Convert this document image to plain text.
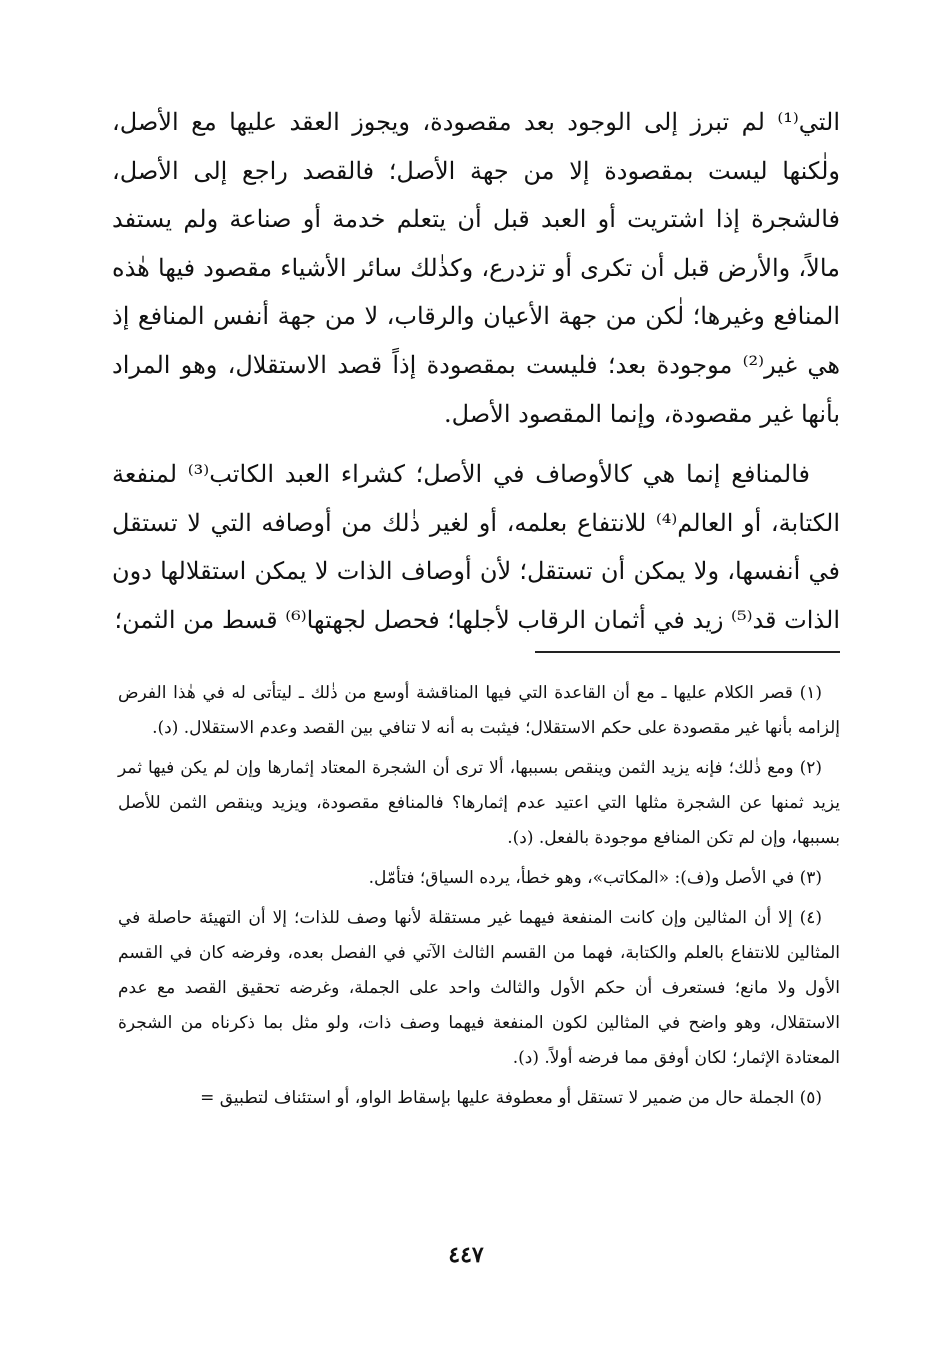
التي⁽¹⁾ لم تبرز إلى الوجود بعد مقصودة، ويجوز العقد عليها مع الأصل، ولٰكنها ليست بمقصودة إلا من جهة الأصل؛ فالقصد راجع إلى الأصل، فالشجرة إذا اشتريت أو العبد قبل أن يتعلم خدمة أو صناعة ولم يستفد مالاً، والأرض قبل أن تكرى أو تزدرع، وكذٰلك سائر الأشياء مقصود فيها هٰذه المنافع وغيرها؛ لٰكن من جهة الأعيان والرقاب، لا من جهة أنفس المنافع إذ هي غير⁽²⁾ موجودة بعد؛ فليست بمقصودة إذاً قصد الاستقلال، وهو المراد بأنها غير مقصودة، وإنما المقصود الأصل.

فالمنافع إنما هي كالأوصاف في الأصل؛ كشراء العبد الكاتب⁽³⁾ لمنفعة الكتابة، أو العالم⁽⁴⁾ للانتفاع بعلمه، أو لغير ذٰلك من أوصافه التي لا تستقل في أنفسها، ولا يمكن أن تستقل؛ لأن أوصاف الذات لا يمكن استقلالها دون الذات قد⁽⁵⁾ زيد في أثمان الرقاب لأجلها؛ فحصل لجهتها⁽⁶⁾ قسط من الثمن؛

(١) قصر الكلام عليها ـ مع أن القاعدة التي فيها المناقشة أوسع من ذٰلك ـ ليتأتى له في هٰذا الفرض إلزامه بأنها غير مقصودة على حكم الاستقلال؛ فيثبت به أنه لا تنافي بين القصد وعدم الاستقلال. (د).

(٢) ومع ذٰلك؛ فإنه يزيد الثمن وينقص بسببها، ألا ترى أن الشجرة المعتاد إثمارها وإن لم يكن فيها ثمر يزيد ثمنها عن الشجرة مثلها التي اعتيد عدم إثمارها؟ فالمنافع مقصودة، ويزيد وينقص الثمن للأصل بسببها، وإن لم تكن المنافع موجودة بالفعل. (د).

(٣) في الأصل و(ف): «المكاتب»، وهو خطأ، يرده السياق؛ فتأمّل.

(٤) إلا أن المثالين وإن كانت المنفعة فيهما غير مستقلة لأنها وصف للذات؛ إلا أن التهيئة حاصلة في المثالين للانتفاع بالعلم والكتابة، فهما من القسم الثالث الآتي في الفصل بعده، وفرضه كان في القسم الأول ولا مانع؛ فستعرف أن حكم الأول والثالث واحد على الجملة، وغرضه تحقيق القصد مع عدم الاستقلال، وهو واضح في المثالين لكون المنفعة فيهما وصف ذات، ولو مثل بما ذكرناه من الشجرة المعتادة الإثمار؛ لكان أوفق مما فرضه أولاً. (د).

(٥) الجملة حال من ضمير لا تستقل أو معطوفة عليها بإسقاط الواو، أو استئناف لتطبيق =

٤٤٧
